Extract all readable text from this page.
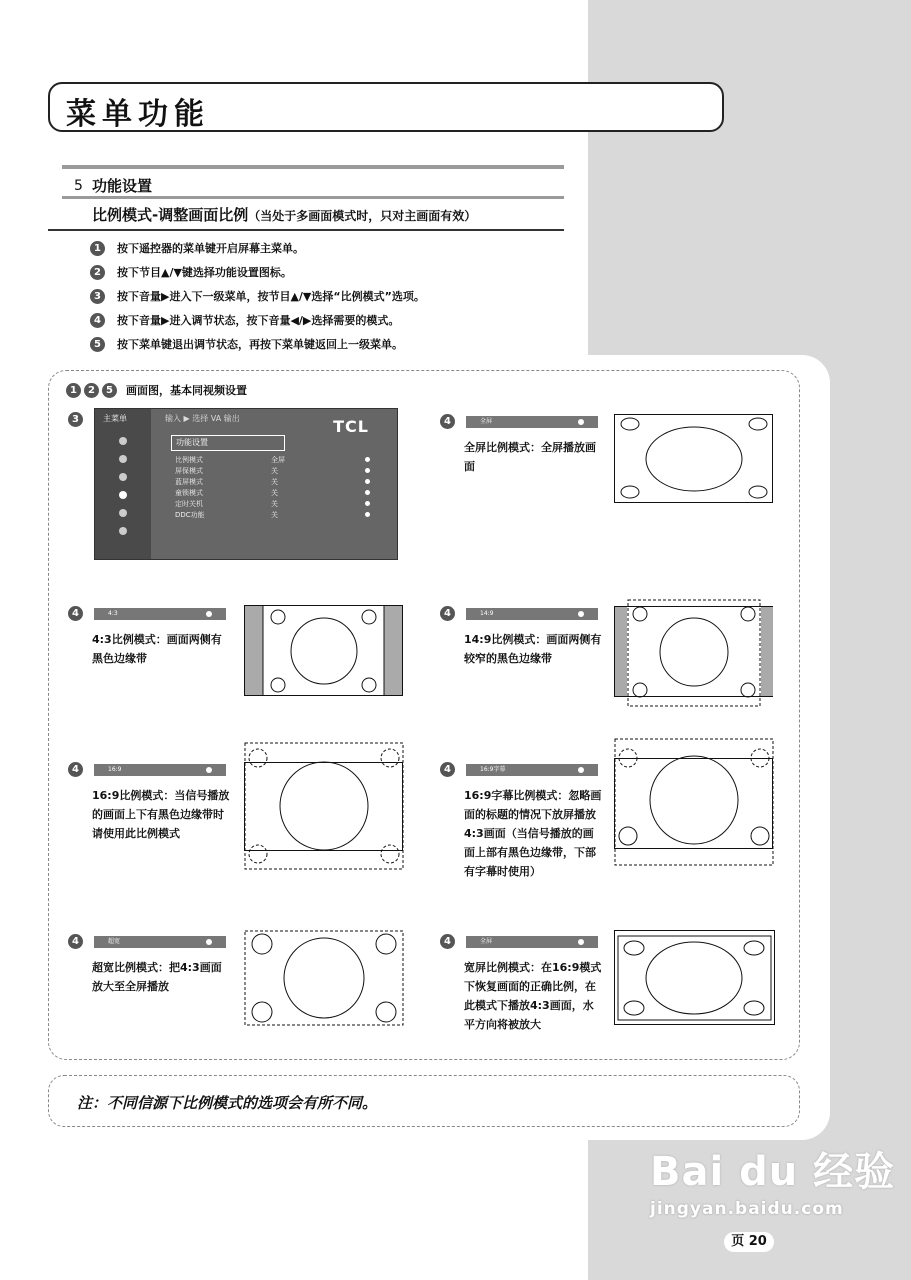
菜单功能
5 功能设置
比例模式-调整画面比例（当处于多画面模式时，只对主画面有效）
1	按下遥控器的菜单键开启屏幕主菜单。
2	按下节目▲/▼键选择功能设置图标。
3	按下音量▶进入下一级菜单，按节目▲/▼选择“比例模式”选项。
4	按下音量▶进入调节状态，按下音量◀/▶选择需要的模式。
5	按下菜单键退出调节状态，再按下菜单键返回上一级菜单。
1	2	5	画面图，基本同视频设置
3	主菜单	输入 ▶ 选择 VA 输出	TCL
功能设置
比例模式	全屏
屏保模式	关
蓝屏模式	关
童锁模式	关
定时关机	关
DDC功能	关
4	全屏
全屏比例模式：全屏播放画面
4	4:3
4:3比例模式：画面两侧有黑色边缘带
4	14:9
14:9比例模式：画面两侧有较窄的黑色边缘带
4	16:9
16:9比例模式：当信号播放的画面上下有黑色边缘带时请使用此比例模式
4	16:9字幕
16:9字幕比例模式：忽略画面的标题的情况下放屏播放4:3画面（当信号播放的画面上部有黑色边缘带，下部有字幕时使用）
4	超宽
超宽比例模式：把4:3画面放大至全屏播放
4	全屏
宽屏比例模式：在16:9模式下恢复画面的正确比例，在此模式下播放4:3画面，水平方向将被放大
注：不同信源下比例模式的选项会有所不同。
Bai du 经验
jingyan.baidu.com
页 20
